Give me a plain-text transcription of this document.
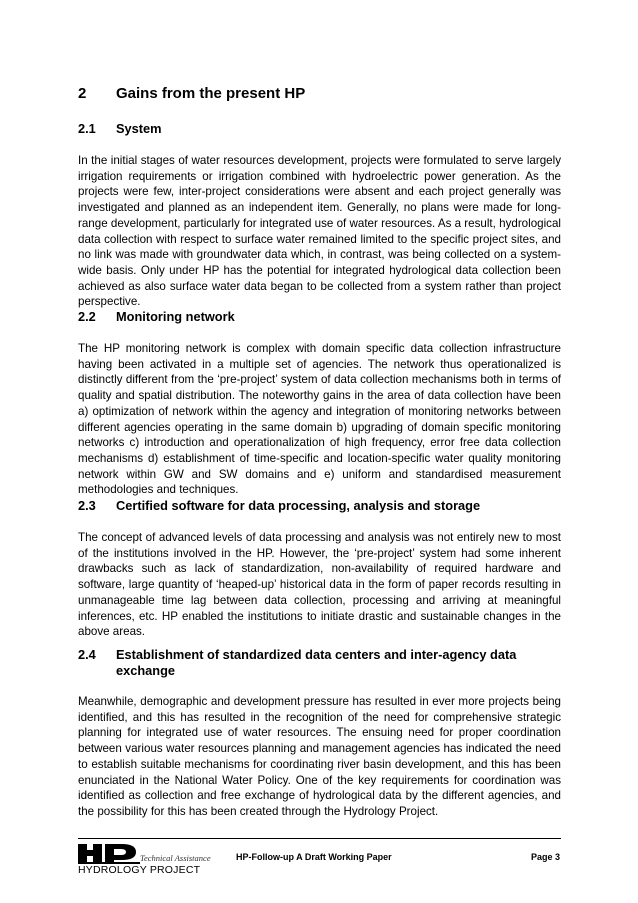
2 Gains from the present HP
2.1 System
In the initial stages of water resources development, projects were formulated to serve largely irrigation requirements or irrigation combined with hydroelectric power generation. As the projects were few, inter-project considerations were absent and each project generally was investigated and planned as an independent item. Generally, no plans were made for long-range development, particularly for integrated use of water resources. As a result, hydrological data collection with respect to surface water remained limited to the specific project sites, and no link was made with groundwater data which, in contrast, was being collected on a system-wide basis. Only under HP has the potential for integrated hydrological data collection been achieved as also surface water data began to be collected from a system rather than project perspective.
2.2 Monitoring network
The HP monitoring network is complex with domain specific data collection infrastructure having been activated in a multiple set of agencies. The network thus operationalized is distinctly different from the ‘pre-project’ system of data collection mechanisms both in terms of quality and spatial distribution. The noteworthy gains in the area of data collection have been a) optimization of network within the agency and integration of monitoring networks between different agencies operating in the same domain b) upgrading of domain specific monitoring networks c) introduction and operationalization of high frequency, error free data collection mechanisms d) establishment of time-specific and location-specific water quality monitoring network within GW and SW domains and e) uniform and standardised measurement methodologies and techniques.
2.3 Certified software for data processing, analysis and storage
The concept of advanced levels of data processing and analysis was not entirely new to most of the institutions involved in the HP. However, the ‘pre-project’ system had some inherent drawbacks such as lack of standardization, non-availability of required hardware and software, large quantity of ‘heaped-up’ historical data in the form of paper records resulting in unmanageable time lag between data collection, processing and arriving at meaningful inferences, etc. HP enabled the institutions to initiate drastic and sustainable changes in the above areas.
2.4 Establishment of standardized data centers and inter-agency data exchange
Meanwhile, demographic and development pressure has resulted in ever more projects being identified, and this has resulted in the recognition of the need for comprehensive strategic planning for integrated use of water resources. The ensuing need for proper coordination between various water resources planning and management agencies has indicated the need to establish suitable mechanisms for coordinating river basin development, and this has been enunciated in the National Water Policy. One of the key requirements for coordination was identified as collection and free exchange of hydrological data by the different agencies, and the possibility for this has been created through the Hydrology Project.
Technical Assistance
HYDROLOGY PROJECT
HP-Follow-up A Draft Working Paper	Page 3
